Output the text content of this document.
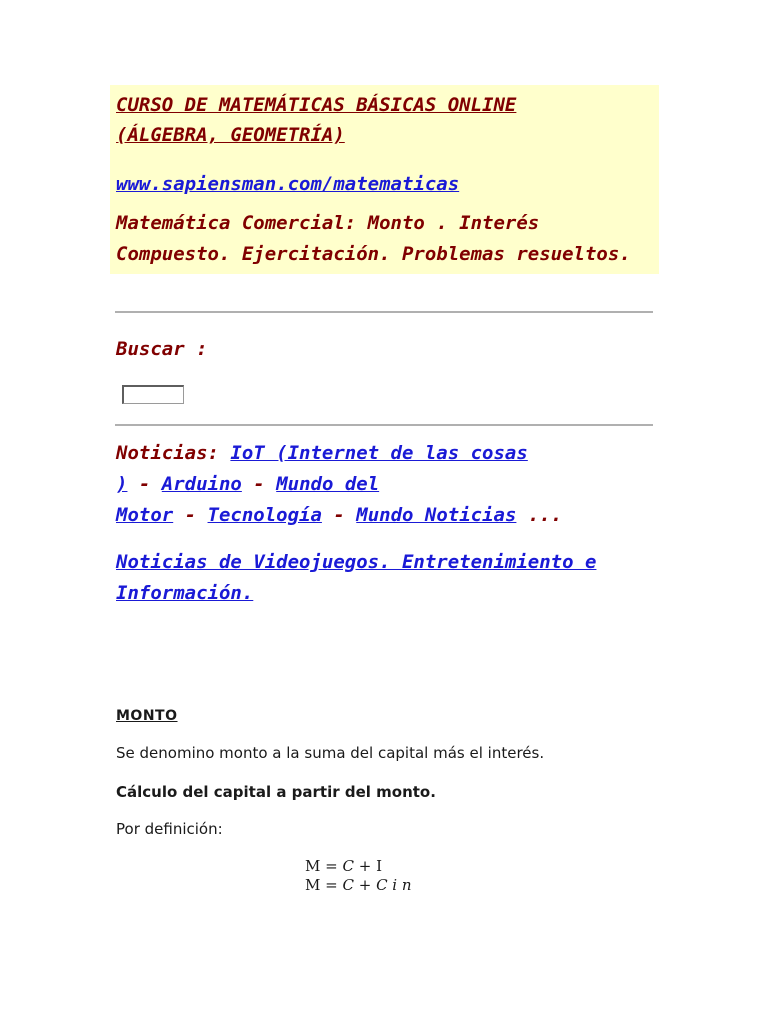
CURSO DE MATEMÁTICAS BÁSICAS ONLINE
(ÁLGEBRA, GEOMETRÍA)
www.sapiensman.com/matematicas
Matemática Comercial: Monto . Interés
Compuesto. Ejercitación. Problemas resueltos.
Buscar :
Noticias: IoT (Internet de las cosas
) - Arduino - Mundo del
Motor - Tecnología - Mundo Noticias ...
Noticias de Videojuegos. Entretenimiento e
Información.
MONTO
Se denomino monto a la suma del capital más el interés.
Cálculo del capital a partir del monto.
Por definición:
M = C + I
M = C + C i n
